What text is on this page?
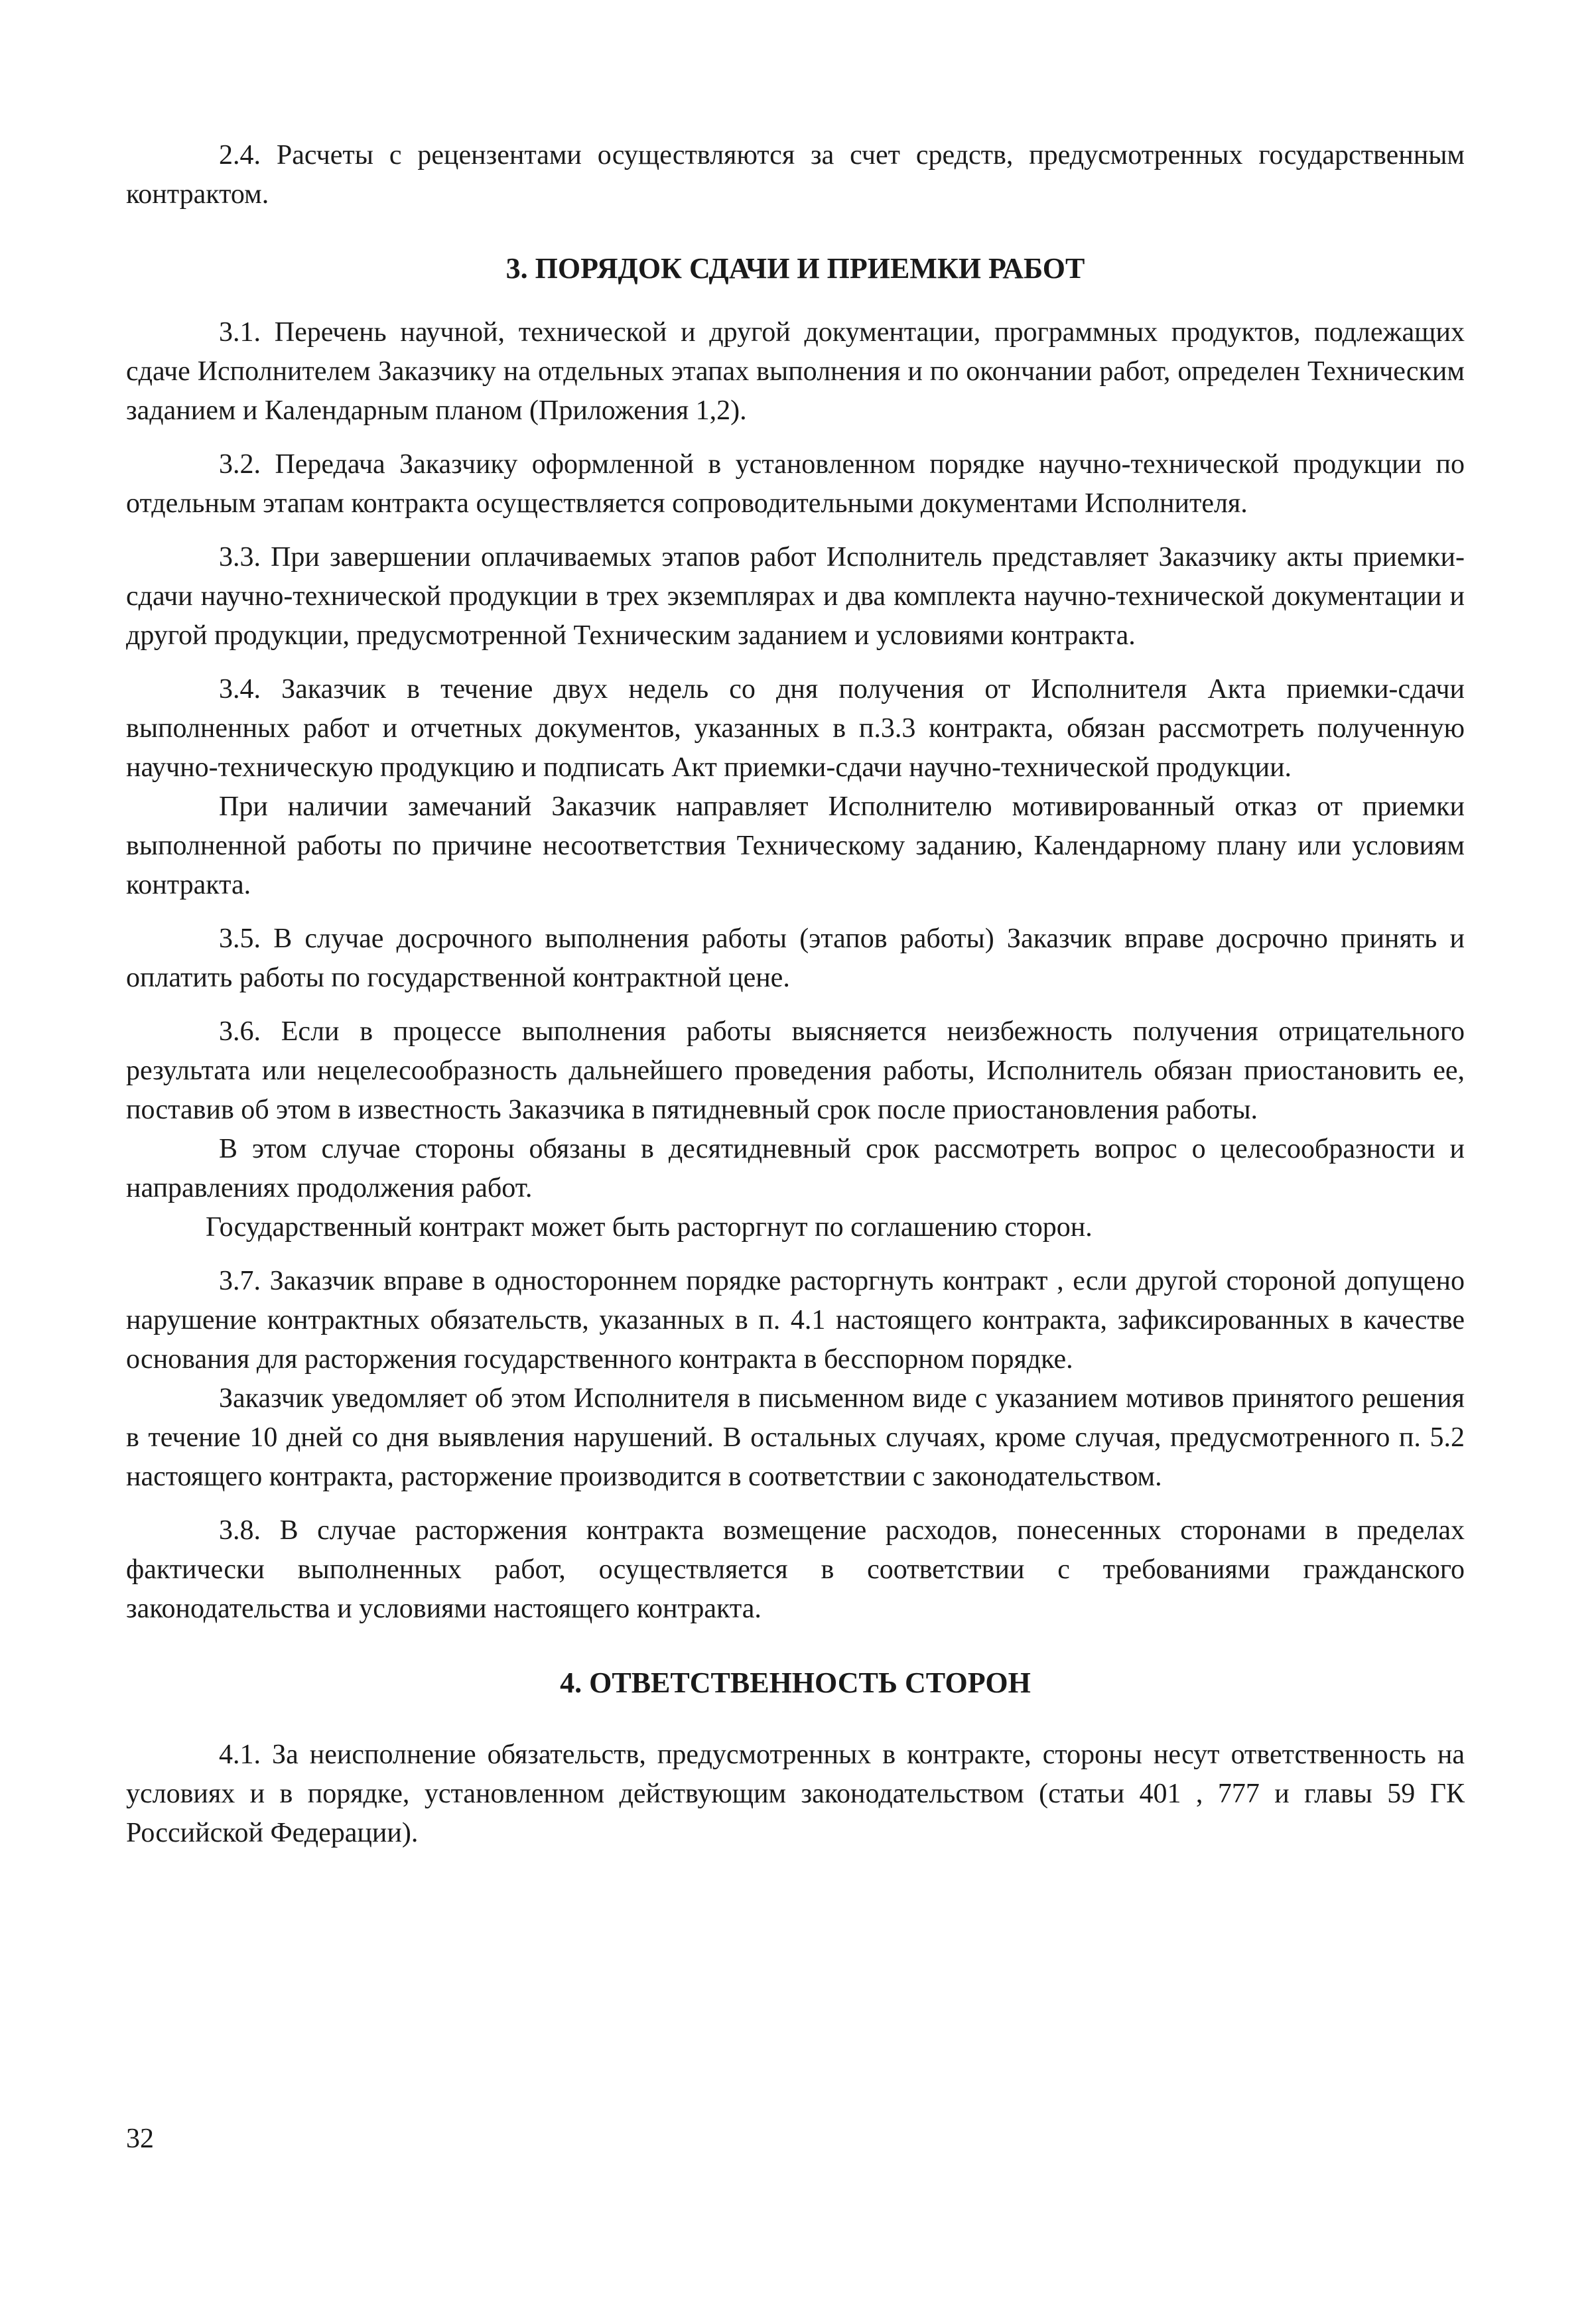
2.4. Расчеты с рецензентами осуществляются за счет средств, предусмотренных государственным контрактом.

3. ПОРЯДОК СДАЧИ И ПРИЕМКИ РАБОТ

3.1. Перечень научной, технической и другой документации, программных продуктов, подлежащих сдаче Исполнителем Заказчику на отдельных этапах выполнения и по окончании работ, определен Техническим заданием и Календарным планом (Приложения 1,2).

3.2. Передача Заказчику оформленной в установленном порядке научно-технической продукции по отдельным этапам контракта осуществляется сопроводительными документами Исполнителя.

3.3. При завершении оплачиваемых этапов работ Исполнитель представляет Заказчику акты приемки-сдачи научно-технической продукции в трех экземплярах и два комплекта научно-технической документации и другой продукции, предусмотренной Техническим заданием и условиями контракта.

3.4. Заказчик в течение двух недель со дня получения от Исполнителя Акта приемки-сдачи выполненных работ и отчетных документов, указанных в п.3.3 контракта, обязан рассмотреть полученную научно-техническую продукцию и подписать Акт приемки-сдачи научно-технической продукции.

При наличии замечаний Заказчик направляет Исполнителю мотивированный отказ от приемки выполненной работы по причине несоответствия Техническому заданию, Календарному плану или условиям контракта.

3.5. В случае досрочного выполнения работы (этапов работы) Заказчик вправе досрочно принять и оплатить работы по государственной контрактной цене.

3.6. Если в процессе выполнения работы выясняется неизбежность получения отрицательного результата или нецелесообразность дальнейшего проведения работы, Исполнитель обязан приостановить ее, поставив об этом в известность Заказчика в пятидневный срок после приостановления работы.

В этом случае стороны обязаны в десятидневный срок рассмотреть вопрос о целесообразности и направлениях продолжения работ.

Государственный контракт может быть расторгнут по соглашению сторон.

3.7. Заказчик вправе в одностороннем порядке расторгнуть контракт , если другой стороной допущено нарушение контрактных обязательств, указанных в п. 4.1 настоящего контракта, зафиксированных в качестве основания для расторжения государственного контракта в бесспорном порядке.

Заказчик уведомляет об этом Исполнителя в письменном виде с указанием мотивов принятого решения в течение 10 дней со дня выявления нарушений. В остальных случаях, кроме случая, предусмотренного п. 5.2 настоящего контракта, расторжение производится в соответствии с законодательством.

3.8. В случае расторжения контракта возмещение расходов, понесенных сторонами в пределах фактически выполненных работ, осуществляется в соответствии с требованиями гражданского законодательства и условиями настоящего контракта.

4. ОТВЕТСТВЕННОСТЬ СТОРОН

4.1. За неисполнение обязательств, предусмотренных в контракте, стороны несут ответственность на условиях и в порядке, установленном действующим законодательством (статьи 401 , 777 и главы 59 ГК Российской Федерации).

32
